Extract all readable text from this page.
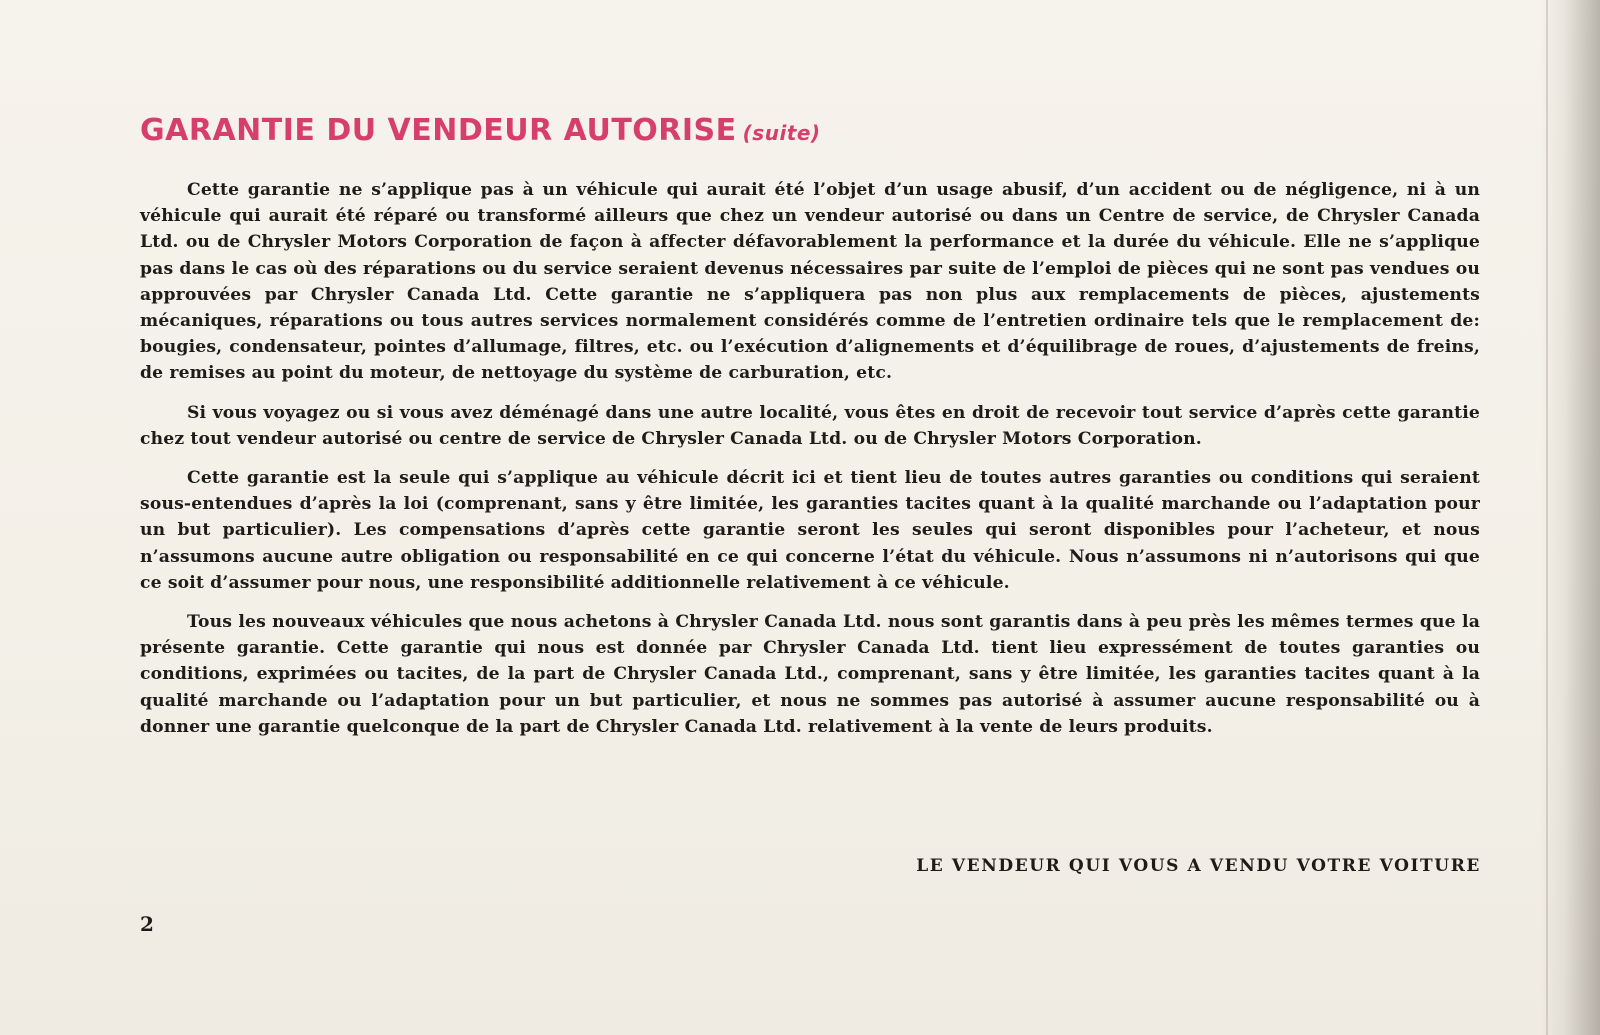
GARANTIE DU VENDEUR AUTORISE (suite)

Cette garantie ne s’applique pas à un véhicule qui aurait été l’objet d’un usage abusif, d’un accident ou de négligence, ni à un véhicule qui aurait été réparé ou transformé ailleurs que chez un vendeur autorisé ou dans un Centre de service, de Chrysler Canada Ltd. ou de Chrysler Motors Corporation de façon à affecter défavorablement la performance et la durée du véhicule. Elle ne s’applique pas dans le cas où des réparations ou du service seraient devenus nécessaires par suite de l’emploi de pièces qui ne sont pas vendues ou approuvées par Chrysler Canada Ltd. Cette garantie ne s’appliquera pas non plus aux remplacements de pièces, ajustements mécaniques, réparations ou tous autres services normalement considérés comme de l’entretien ordinaire tels que le remplacement de: bougies, condensateur, pointes d’allumage, filtres, etc. ou l’exécution d’alignements et d’équilibrage de roues, d’ajustements de freins, de remises au point du moteur, de nettoyage du système de carburation, etc.

Si vous voyagez ou si vous avez déménagé dans une autre localité, vous êtes en droit de recevoir tout service d’après cette garantie chez tout vendeur autorisé ou centre de service de Chrysler Canada Ltd. ou de Chrysler Motors Corporation.

Cette garantie est la seule qui s’applique au véhicule décrit ici et tient lieu de toutes autres garanties ou conditions qui seraient sous-entendues d’après la loi (comprenant, sans y être limitée, les garanties tacites quant à la qualité marchande ou l’adaptation pour un but particulier). Les compensations d’après cette garantie seront les seules qui seront disponibles pour l’acheteur, et nous n’assumons aucune autre obligation ou responsabilité en ce qui concerne l’état du véhicule. Nous n’assumons ni n’autorisons qui que ce soit d’assumer pour nous, une responsibilité additionnelle relativement à ce véhicule.

Tous les nouveaux véhicules que nous achetons à Chrysler Canada Ltd. nous sont garantis dans à peu près les mêmes termes que la présente garantie. Cette garantie qui nous est donnée par Chrysler Canada Ltd. tient lieu expressément de toutes garanties ou conditions, exprimées ou tacites, de la part de Chrysler Canada Ltd., comprenant, sans y être limitée, les garanties tacites quant à la qualité marchande ou l’adaptation pour un but particulier, et nous ne sommes pas autorisé à assumer aucune responsabilité ou à donner une garantie quelconque de la part de Chrysler Canada Ltd. relativement à la vente de leurs produits.

LE VENDEUR QUI VOUS A VENDU VOTRE VOITURE
2
